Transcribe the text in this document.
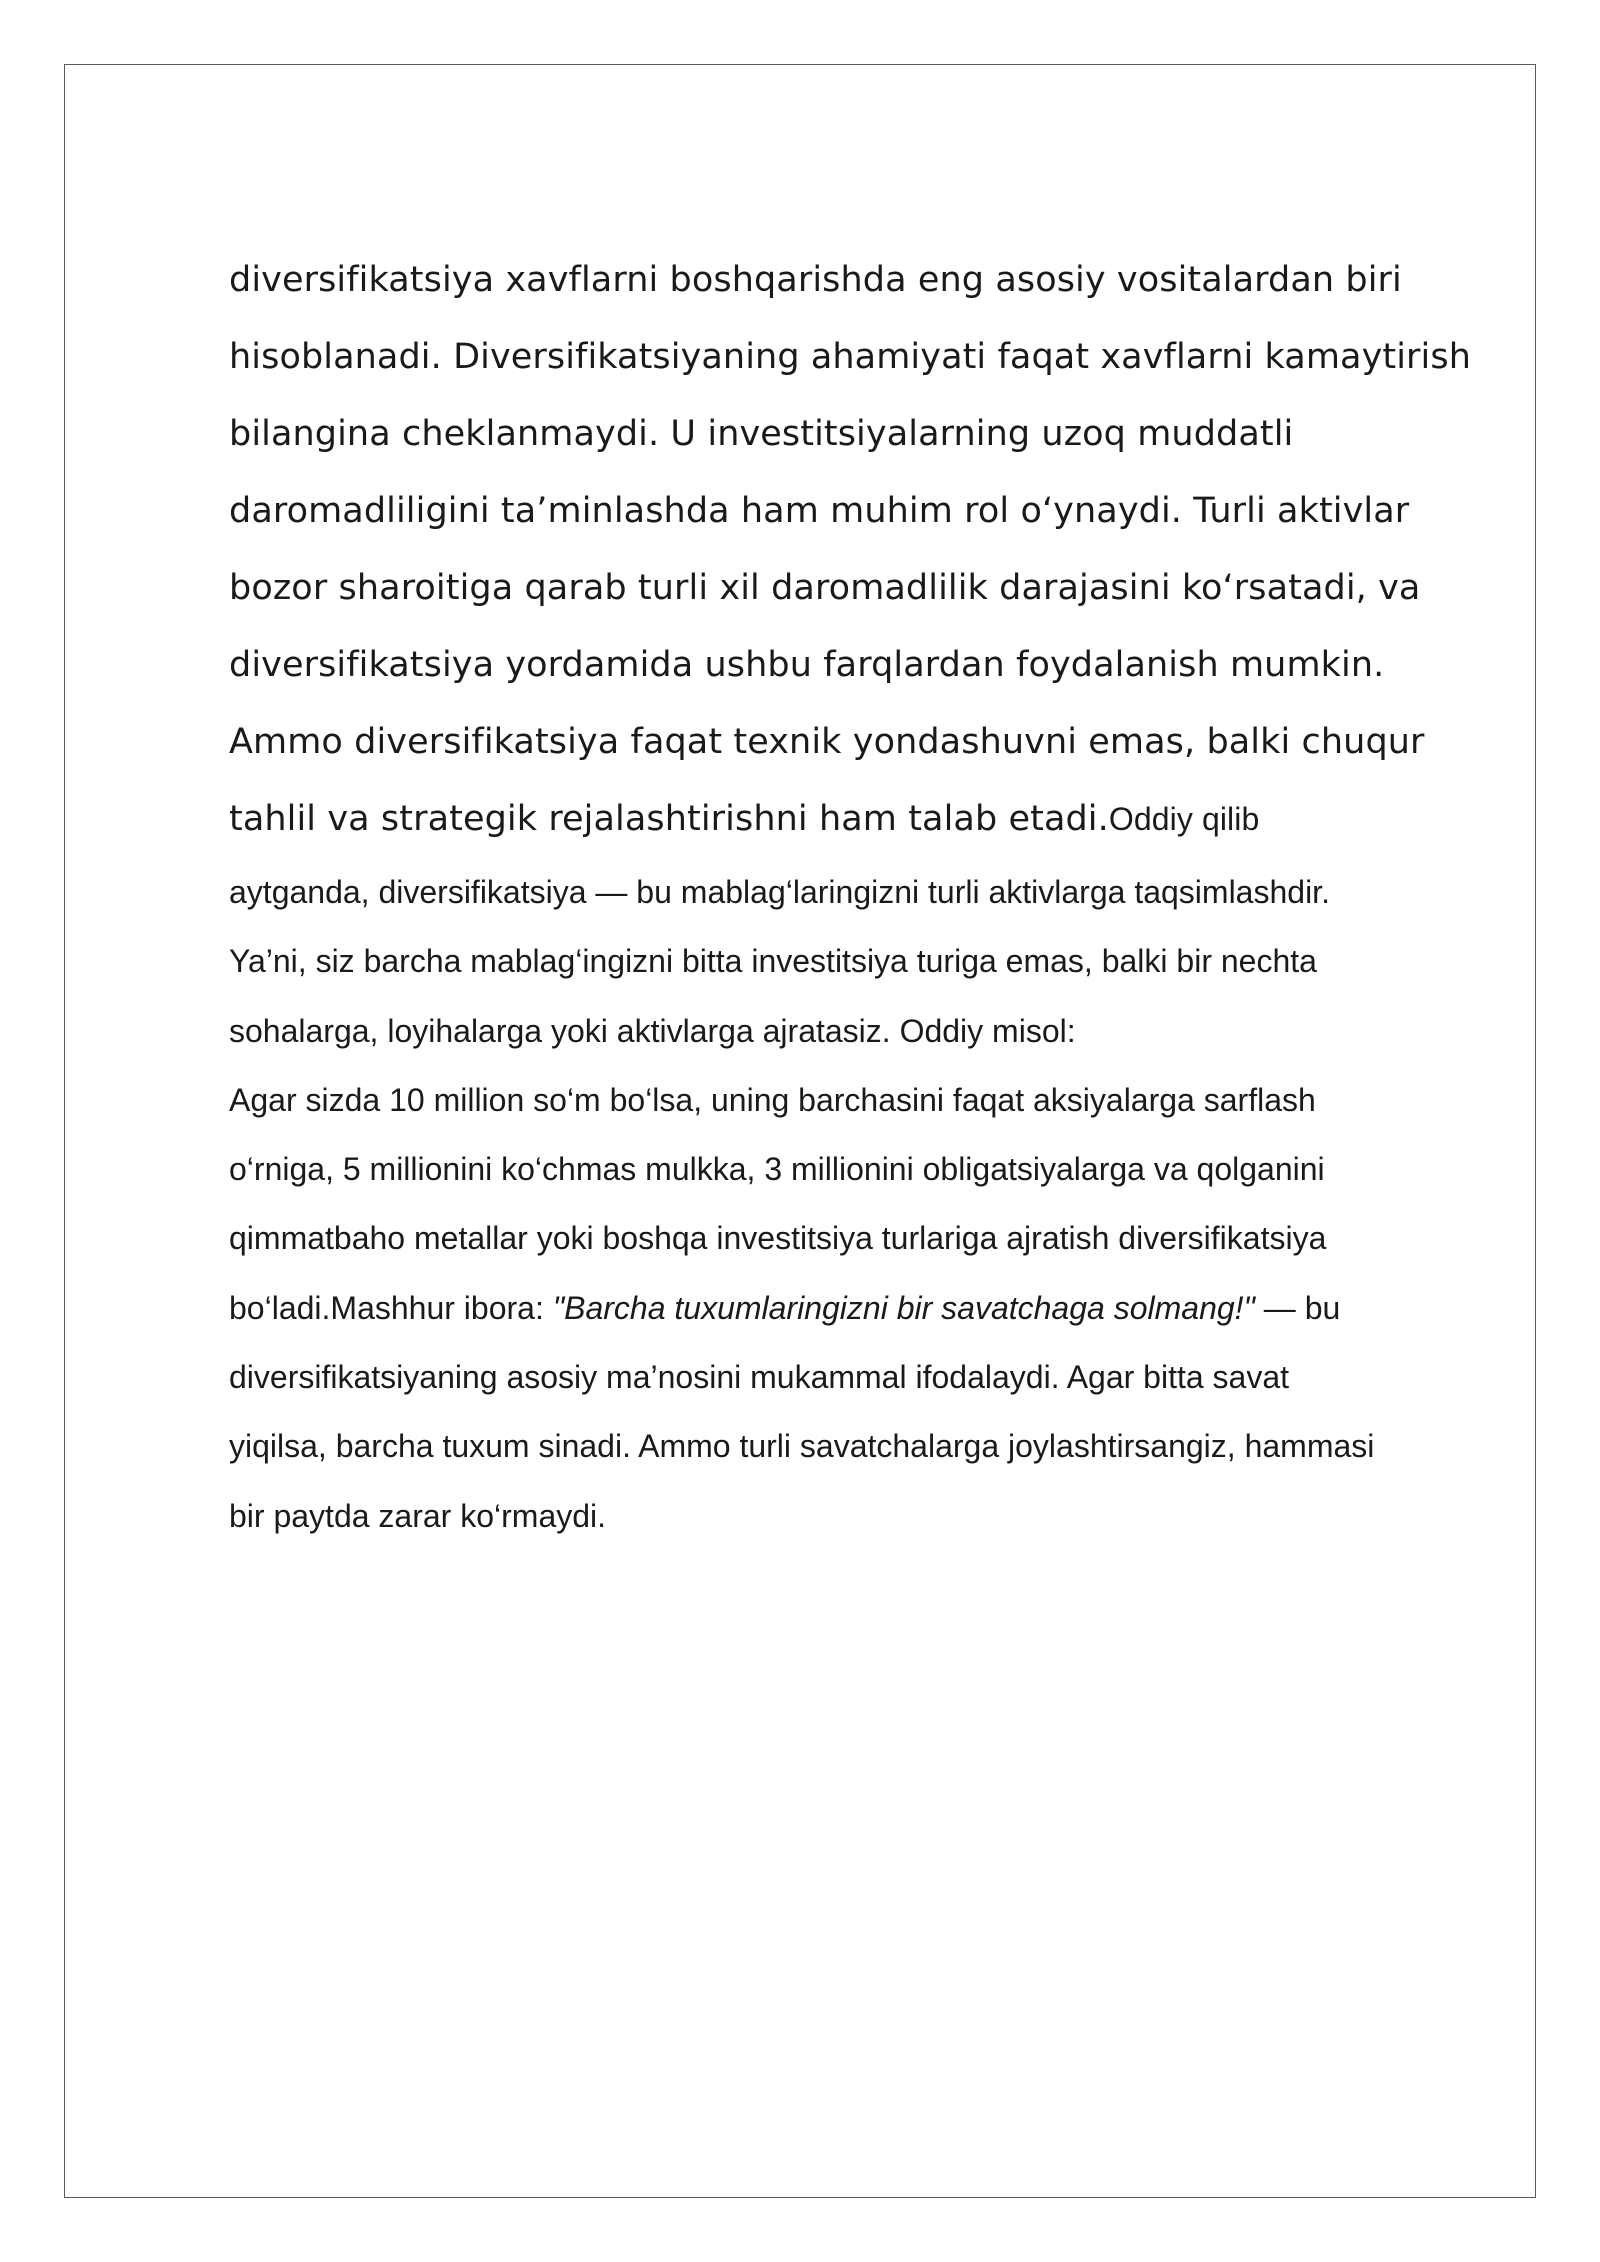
diversifikatsiya xavflarni boshqarishda eng asosiy vositalardan biri
hisoblanadi. Diversifikatsiyaning ahamiyati faqat xavflarni kamaytirish
bilangina cheklanmaydi. U investitsiyalarning uzoq muddatli
daromadliligini ta’minlashda ham muhim rol o‘ynaydi. Turli aktivlar
bozor sharoitiga qarab turli xil daromadlilik darajasini ko‘rsatadi, va
diversifikatsiya yordamida ushbu farqlardan foydalanish mumkin.
Ammo diversifikatsiya faqat texnik yondashuvni emas, balki chuqur
tahlil va strategik rejalashtirishni ham talab etadi.Oddiy qilib

aytganda, diversifikatsiya — bu mablag‘laringizni turli aktivlarga taqsimlashdir.
Ya’ni, siz barcha mablag‘ingizni bitta investitsiya turiga emas, balki bir nechta
sohalarga, loyihalarga yoki aktivlarga ajratasiz. Oddiy misol:
Agar sizda 10 million so‘m bo‘lsa, uning barchasini faqat aksiyalarga sarflash
o‘rniga, 5 millionini ko‘chmas mulkka, 3 millionini obligatsiyalarga va qolganini
qimmatbaho metallar yoki boshqa investitsiya turlariga ajratish diversifikatsiya
bo‘ladi.Mashhur ibora: "Barcha tuxumlaringizni bir savatchaga solmang!" — bu
diversifikatsiyaning asosiy ma’nosini mukammal ifodalaydi. Agar bitta savat
yiqilsa, barcha tuxum sinadi. Ammo turli savatchalarga joylashtirsangiz, hammasi
bir paytda zarar ko‘rmaydi.
